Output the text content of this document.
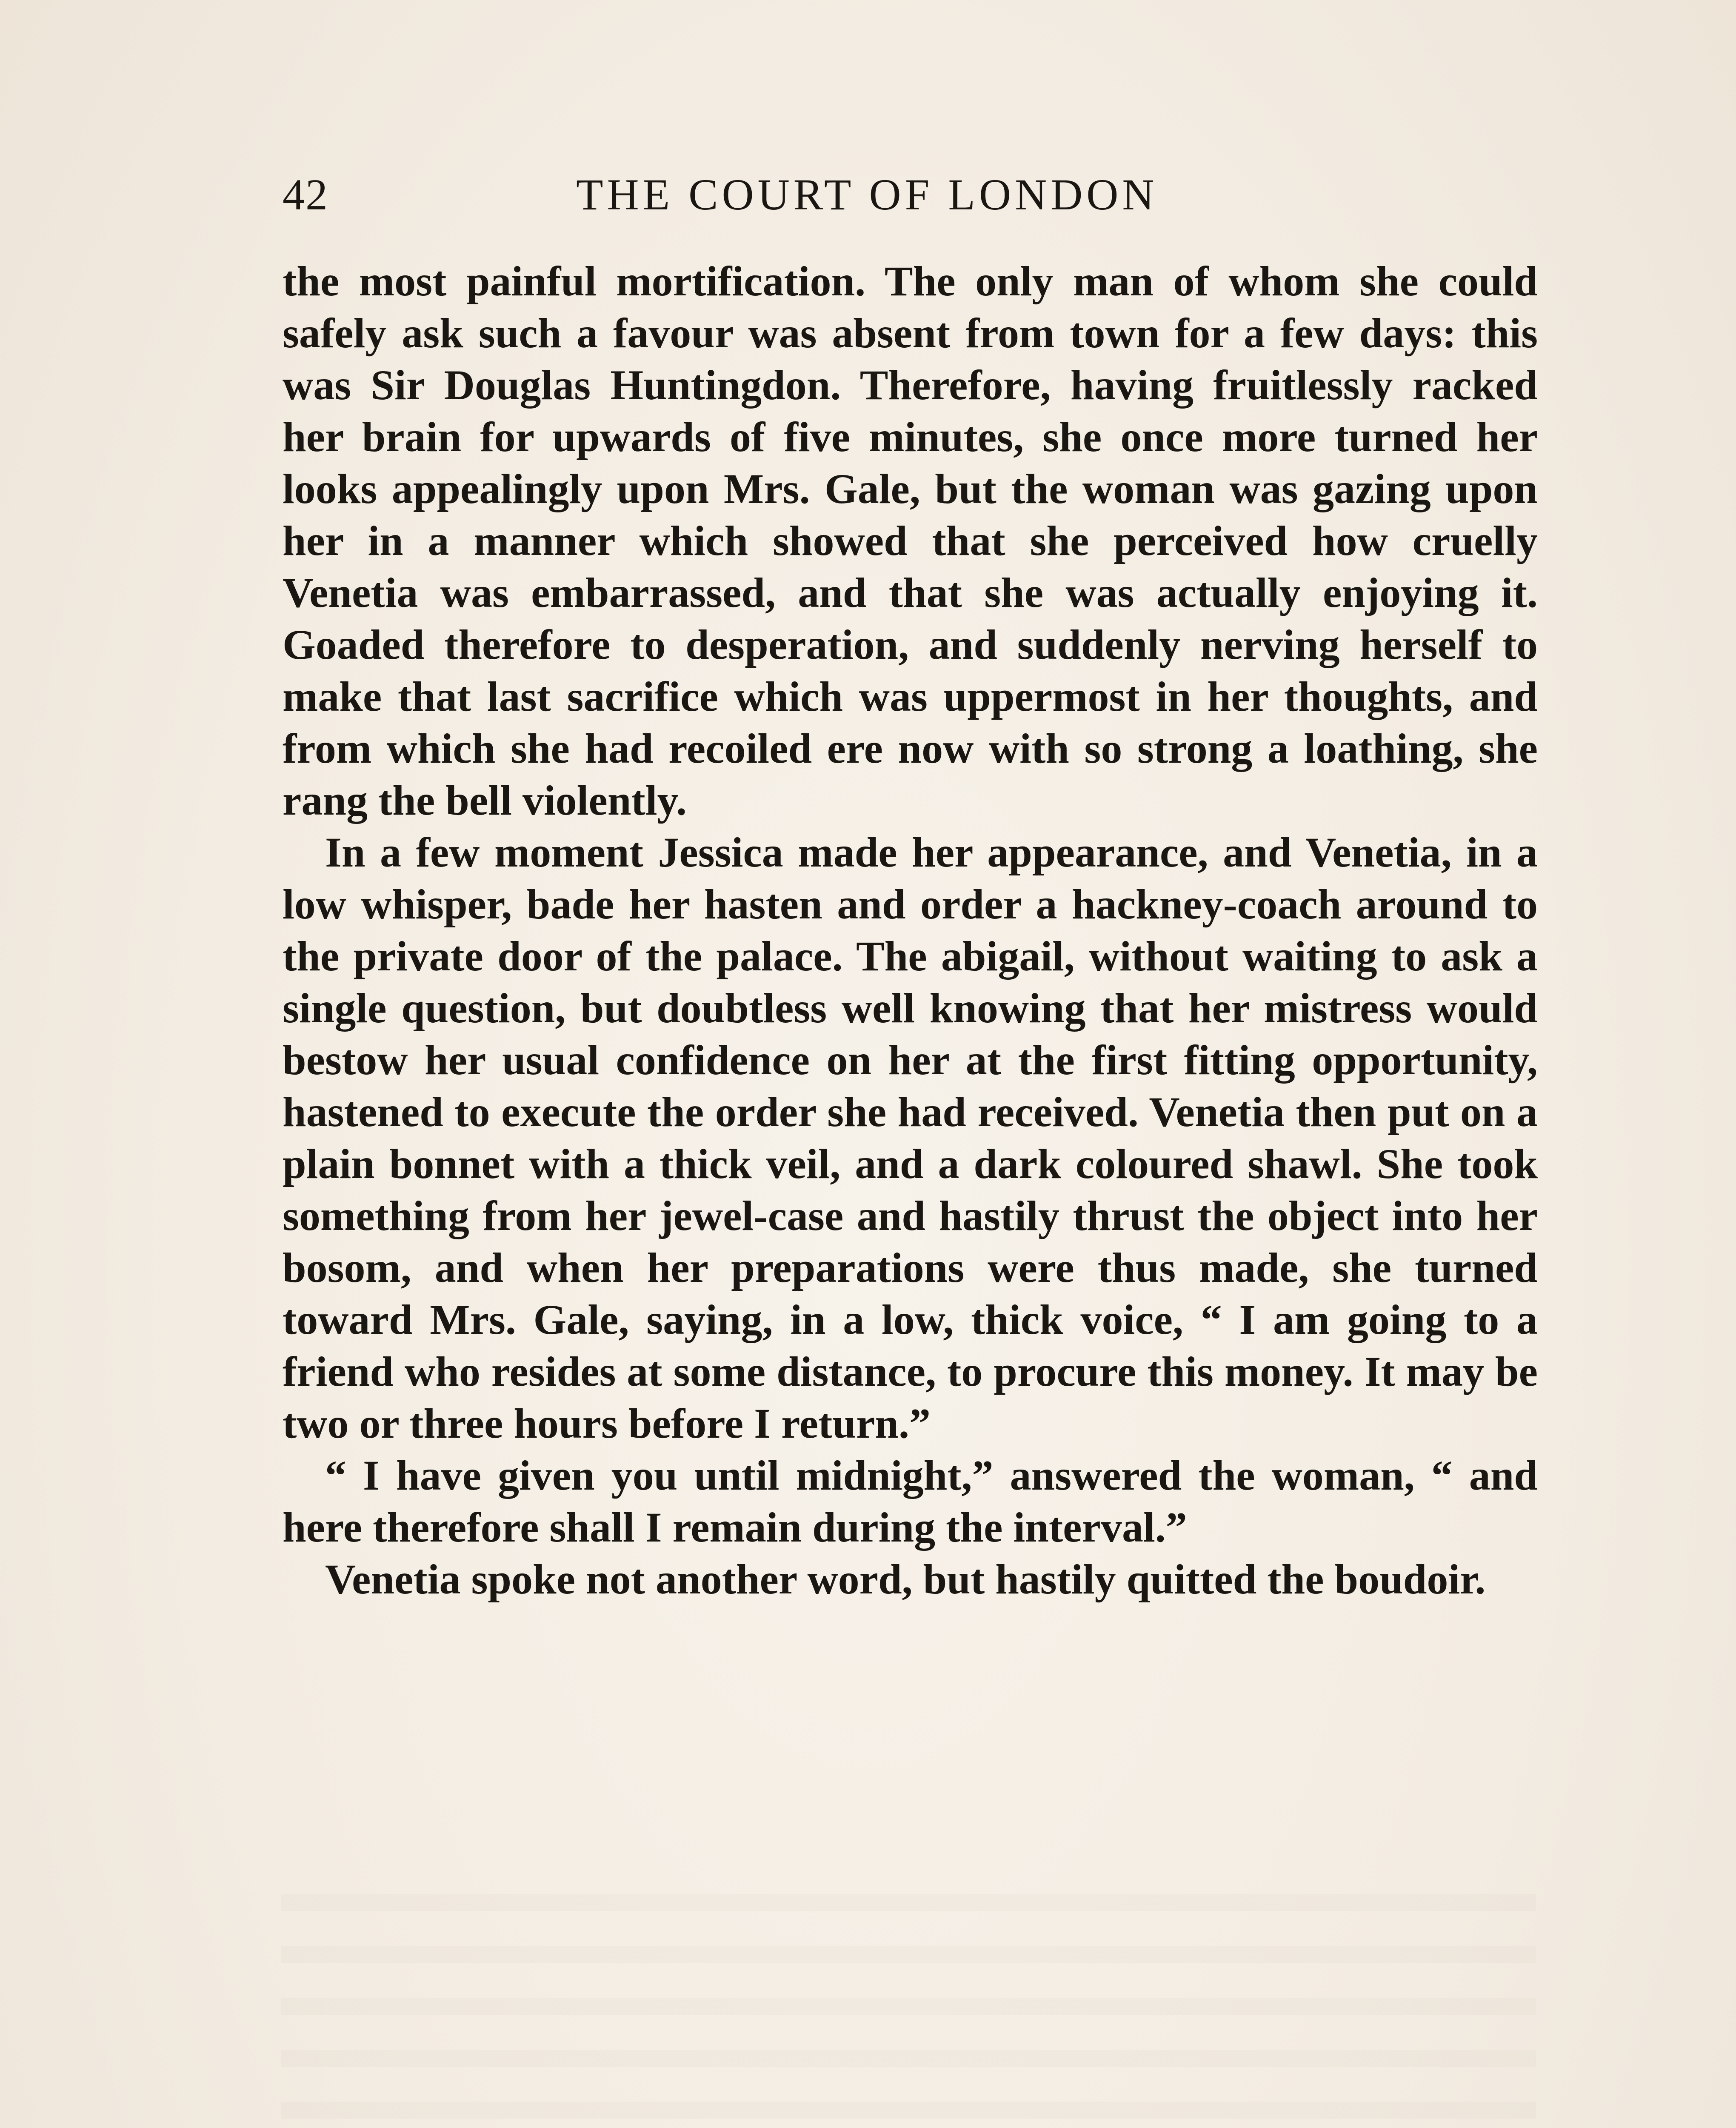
42	THE COURT OF LONDON

the most painful mortification. The only man of whom she could safely ask such a favour was absent from town for a few days: this was Sir Douglas Huntingdon. Therefore, having fruitlessly racked her brain for upwards of five minutes, she once more turned her looks appealingly upon Mrs. Gale, but the woman was gazing upon her in a manner which showed that she perceived how cruelly Venetia was embarrassed, and that she was actually enjoying it. Goaded therefore to desperation, and suddenly nerving herself to make that last sacrifice which was uppermost in her thoughts, and from which she had recoiled ere now with so strong a loathing, she rang the bell violently.

In a few moment Jessica made her appearance, and Venetia, in a low whisper, bade her hasten and order a hackney-coach around to the private door of the palace. The abigail, without waiting to ask a single question, but doubtless well knowing that her mistress would bestow her usual confidence on her at the first fitting opportunity, hastened to execute the order she had received. Venetia then put on a plain bonnet with a thick veil, and a dark coloured shawl. She took something from her jewel-case and hastily thrust the object into her bosom, and when her preparations were thus made, she turned toward Mrs. Gale, saying, in a low, thick voice, “ I am going to a friend who resides at some distance, to procure this money. It may be two or three hours before I return.”

“ I have given you until midnight,” answered the woman, “ and here therefore shall I remain during the interval.”

Venetia spoke not another word, but hastily quitted the boudoir.
